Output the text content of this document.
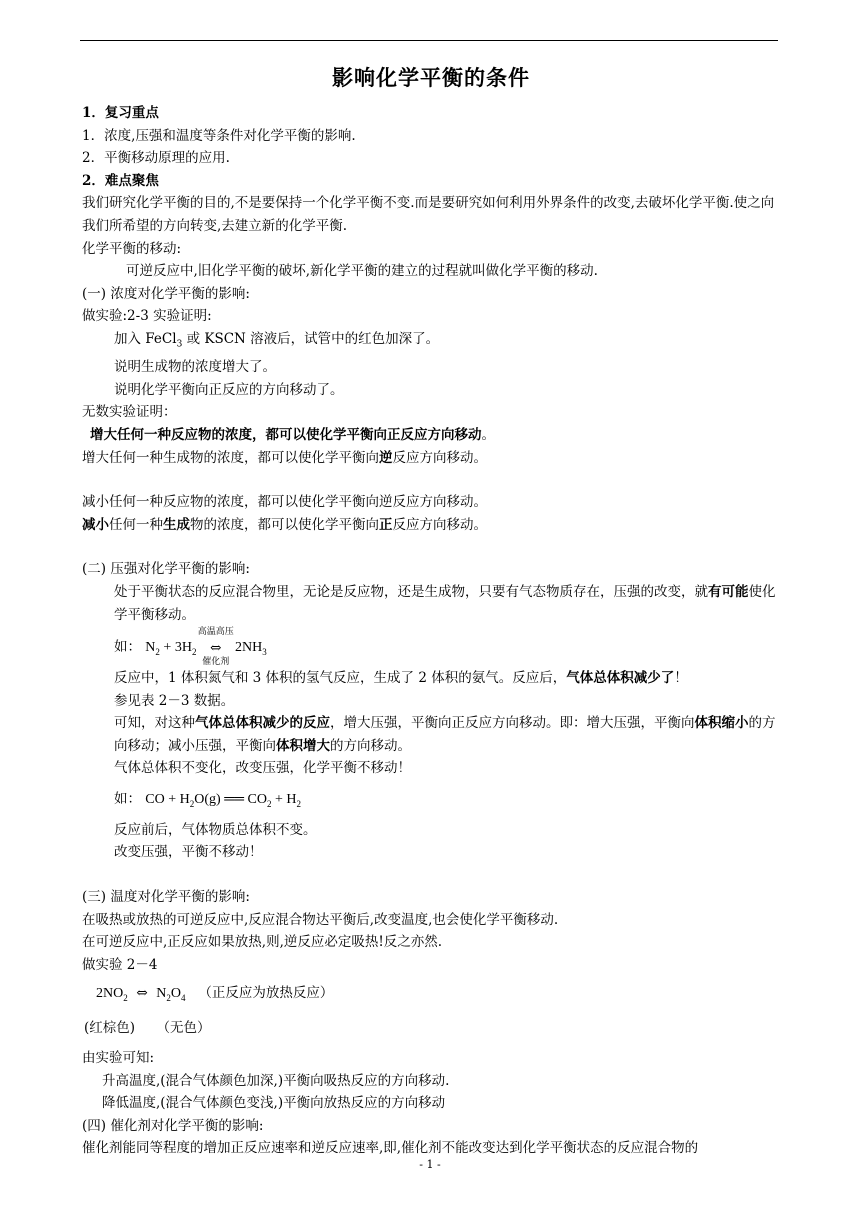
影响化学平衡的条件
1．复习重点
1．浓度,压强和温度等条件对化学平衡的影响.
2．平衡移动原理的应用.
2．难点聚焦
我们研究化学平衡的目的,不是要保持一个化学平衡不变.而是要研究如何利用外界条件的改变,去破坏化学平衡.使之向我们所希望的方向转变,去建立新的化学平衡.
化学平衡的移动:
可逆反应中,旧化学平衡的破坏,新化学平衡的建立的过程就叫做化学平衡的移动.
(一) 浓度对化学平衡的影响:
做实验:2-3 实验证明:
加入 FeCl$_3$ 或 KSCN 溶液后，试管中的红色加深了。
说明生成物的浓度增大了。
说明化学平衡向正反应的方向移动了。
无数实验证明：
增大任何一种反应物的浓度，都可以使化学平衡向正反应方向移动。
增大任何一种生成物的浓度，都可以使化学平衡向逆反应方向移动。
减小任何一种反应物的浓度，都可以使化学平衡向逆反应方向移动。
减小任何一种生成物的浓度，都可以使化学平衡向正反应方向移动。
(二) 压强对化学平衡的影响:
处于平衡状态的反应混合物里，无论是反应物，还是生成物，只要有气态物质存在，压强的改变，就有可能使化学平衡移动。
如： $N_2 + 3H_2$
高温高压
⇔
催化剂
$2NH_3$
反应中，1 体积氮气和 3 体积的氢气反应，生成了 2 体积的氨气。反应后，气体总体积减少了！
参见表 2－3 数据。
可知，对这种气体总体积减少的反应，增大压强，平衡向正反应方向移动。即：增大压强，平衡向体积缩小的方向移动；减小压强，平衡向体积增大的方向移动。
气体总体积不变化，改变压强，化学平衡不移动！
如： CO + $H_2O(g)$ ══ $CO_2 + H_2$
反应前后，气体物质总体积不变。
改变压强，平衡不移动！
(三) 温度对化学平衡的影响:
在吸热或放热的可逆反应中,反应混合物达平衡后,改变温度,也会使化学平衡移动.
在可逆反应中,正反应如果放热,则,逆反应必定吸热!反之亦然.
做实验 2－4
$2NO_2$ ⇔ $N_2O_4$ （正反应为放热反应）
(红棕色) （无色）
由实验可知:
升高温度,(混合气体颜色加深,)平衡向吸热反应的方向移动.
降低温度,(混合气体颜色变浅,)平衡向放热反应的方向移动
(四) 催化剂对化学平衡的影响:
催化剂能同等程度的增加正反应速率和逆反应速率,即,催化剂不能改变达到化学平衡状态的反应混合物的
- 1 -
